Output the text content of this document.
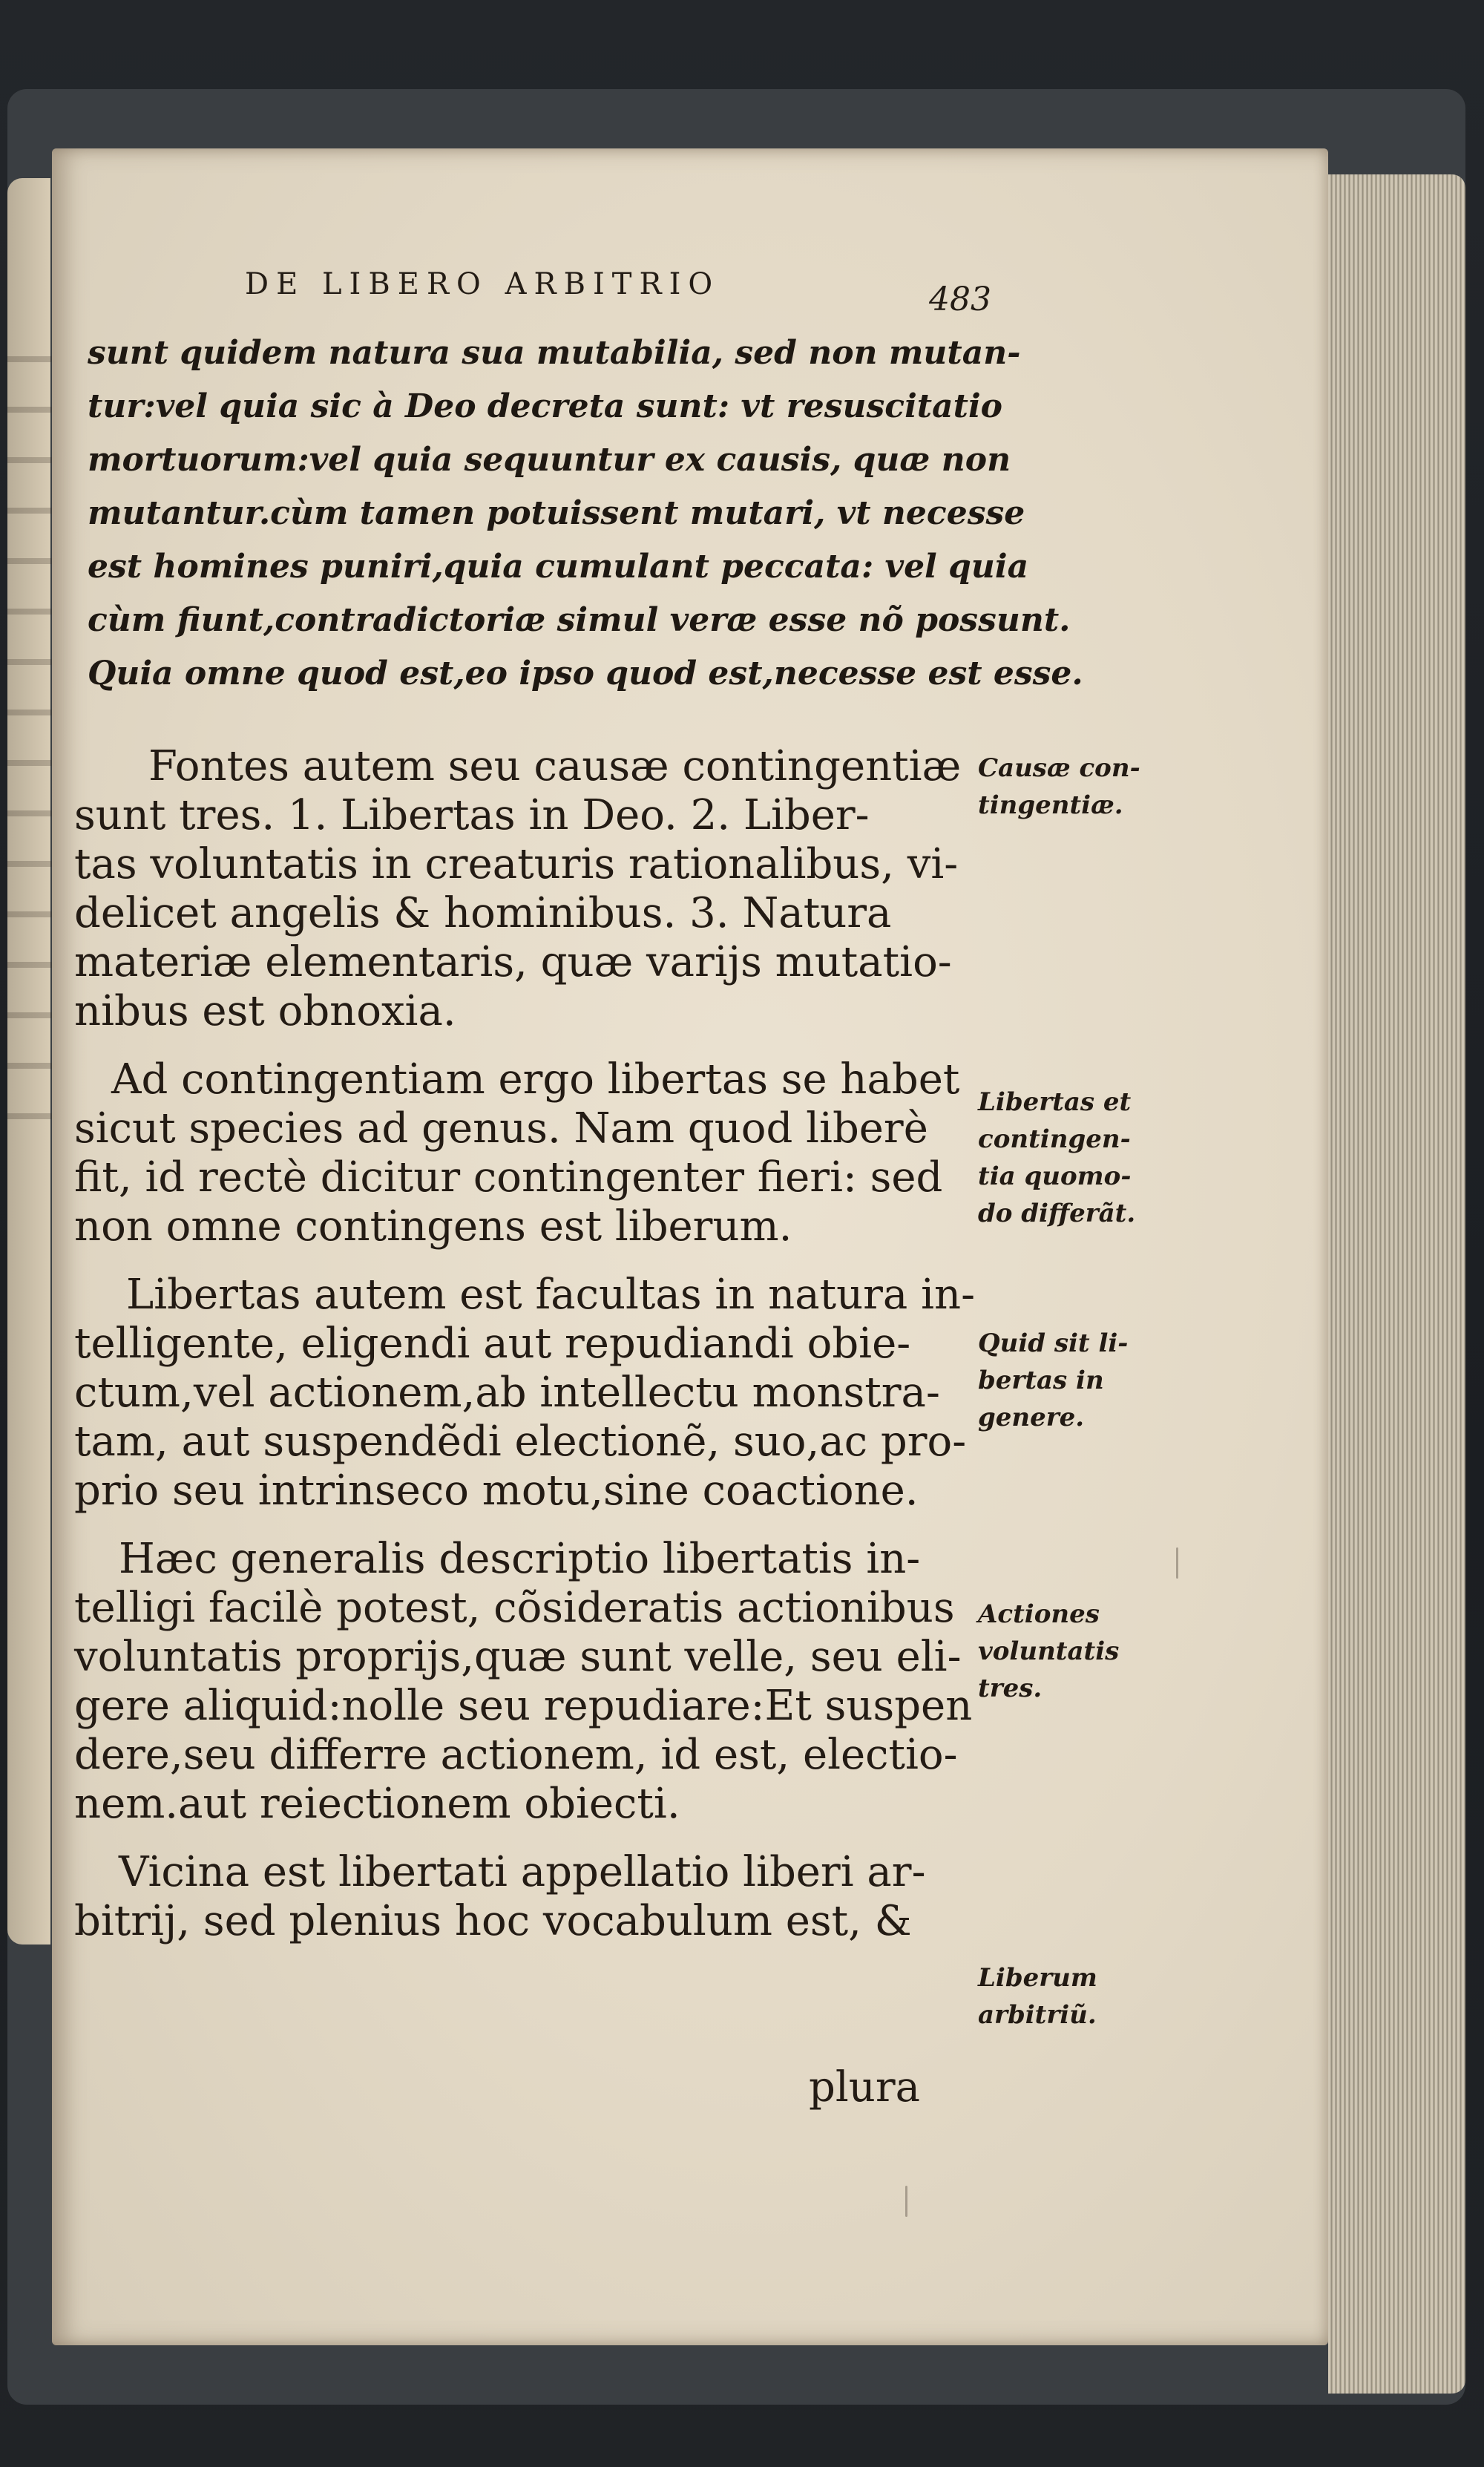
DE LIBERO ARBITRIO	483
sunt quidem natura sua mutabilia, sed non mutan-
tur:vel quia sic à Deo decreta sunt: vt resuscitatio
mortuorum:vel quia sequuntur ex causis, quæ non
mutantur.cùm tamen potuissent mutari, vt necesse
est homines puniri,quia cumulant peccata: vel quia
cùm fiunt,contradictoriæ simul veræ esse nõ possunt.
Quia omne quod est,eo ipso quod est,necesse est esse.
Fontes autem seu causæ contingentiæ
sunt tres. 1. Libertas in Deo. 2. Liber-
tas voluntatis in creaturis rationalibus, vi-
delicet angelis & hominibus. 3. Natura
materiæ elementaris, quæ varijs mutatio-
nibus est obnoxia.
Ad contingentiam ergo libertas se habet
sicut species ad genus. Nam quod liberè
fit, id rectè dicitur contingenter fieri: sed
non omne contingens est liberum.
Libertas autem est facultas in natura in-
telligente, eligendi aut repudiandi obie-
ctum,vel actionem,ab intellectu monstra-
tam, aut suspendẽdi electionẽ, suo,ac pro-
prio seu intrinseco motu,sine coactione.
Hæc generalis descriptio libertatis in-
telligi facilè potest, cõsideratis actionibus
voluntatis proprijs,quæ sunt velle, seu eli-
gere aliquid:nolle seu repudiare:Et suspen
dere,seu differre actionem, id est, electio-
nem.aut reiectionem obiecti.
Vicina est libertati appellatio liberi ar-
bitrij, sed plenius hoc vocabulum est, &
plura
Causæ con-
tingentiæ.
Libertas et
contingen-
tia quomo-
do differãt.
Quid sit li-
bertas in
genere.
Actiones
voluntatis
tres.
Liberum
arbitriũ.
